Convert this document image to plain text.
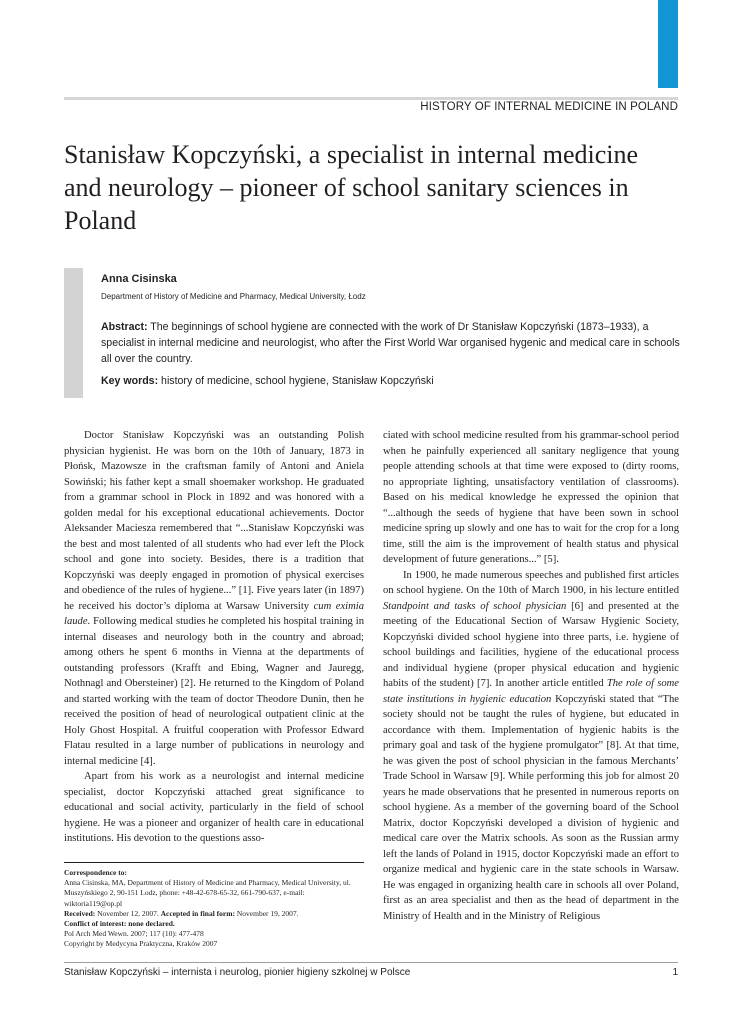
HISTORY OF INTERNAL MEDICINE IN POLAND
Stanisław Kopczyński, a specialist in internal medicine and neurology – pioneer of school sanitary sciences in Poland
Anna Cisinska
Department of History of Medicine and Pharmacy, Medical University, Łodz
Abstract: The beginnings of school hygiene are connected with the work of Dr Stanisław Kopczyński (1873–1933), a specialist in internal medicine and neurologist, who after the First World War organised hygenic and medical care in schools all over the country.
Key words: history of medicine, school hygiene, Stanisław Kopczyński

Doctor Stanisław Kopczyński was an outstanding Polish physician hygienist. He was born on the 10th of January, 1873 in Płońsk, Mazowsze in the craftsman family of Antoni and Aniela Sowiński; his father kept a small shoemaker workshop. He graduated from a grammar school in Plock in 1892 and was honored with a golden medal for his exceptional educational achievements. Doctor Aleksander Maciesza remembered that “...Stanisław Kopczyński was the best and most talented of all students who had ever left the Plock school and gone into society. Besides, there is a tradition that Kopczyński was deeply engaged in promotion of physical exercises and obedience of the rules of hygiene...” [1]. Five years later (in 1897) he received his doctor’s diploma at Warsaw University cum eximia laude. Following medical studies he completed his hospital training in internal diseases and neurology both in the country and abroad; among others he spent 6 months in Vienna at the departments of outstanding professors (Krafft and Ebing, Wagner and Jauregg, Nothnagl and Obersteiner) [2]. He returned to the Kingdom of Poland and started working with the team of doctor Theodore Dunin, then he received the position of head of neurological outpatient clinic at the Holy Ghost Hospital. A fruitful cooperation with Professor Edward Flatau resulted in a large number of publications in neurology and internal medicine [4].

Apart from his work as a neurologist and internal medicine specialist, doctor Kopczyński attached great significance to educational and social activity, particularly in the field of school hygiene. He was a pioneer and organizer of health care in educational institutions. His devotion to the questions asso-

ciated with school medicine resulted from his grammar-school period when he painfully experienced all sanitary negligence that young people attending schools at that time were exposed to (dirty rooms, no appropriate lighting, unsatisfactory ventilation of classrooms). Based on his medical knowledge he expressed the opinion that “...although the seeds of hygiene that have been sown in school medicine spring up slowly and one has to wait for the crop for a long time, still the aim is the improvement of health status and physical development of future generations...” [5].

In 1900, he made numerous speeches and published first articles on school hygiene. On the 10th of March 1900, in his lecture entitled Standpoint and tasks of school physician [6] and presented at the meeting of the Educational Section of Warsaw Hygienic Society, Kopczyński divided school hygiene into three parts, i.e. hygiene of school buildings and facilities, hygiene of the educational process and individual hygiene (proper physical education and hygienic habits of the student) [7]. In another article entitled The role of some state institutions in hygienic education Kopczyński stated that “The society should not be taught the rules of hygiene, but educated in accordance with them. Implementation of hygienic habits is the primary goal and task of the hygiene promulgator” [8]. At that time, he was given the post of school physician in the famous Merchants’ Trade School in Warsaw [9]. While performing this job for almost 20 years he made observations that he presented in numerous reports on school hygiene. As a member of the governing board of the School Matrix, doctor Kopczyński developed a division of hygienic and medical care over the Matrix schools. As soon as the Russian army left the lands of Poland in 1915, doctor Kopczyński made an effort to organize medical and hygienic care in the state schools in Warsaw. He was engaged in organizing health care in schools all over Poland, first as an area specialist and then as the head of department in the Ministry of Health and in the Ministry of Religious

Correspondence to:
Anna Cisinska, MA, Department of History of Medicine and Pharmacy, Medical University, ul. Muszyńskiego 2, 90-151 Lodz, phone: +48-42-678-65-32, 661-790-637, e-mail: wiktoria119@op.pl
Received: November 12, 2007. Accepted in final form: November 19, 2007.
Conflict of interest: none declared.
Pol Arch Med Wewn. 2007; 117 (10): 477-478
Copyright by Medycyna Praktyczna, Kraków 2007
Stanisław Kopczyński – internista i neurolog, pionier higieny szkolnej w Polsce	1
